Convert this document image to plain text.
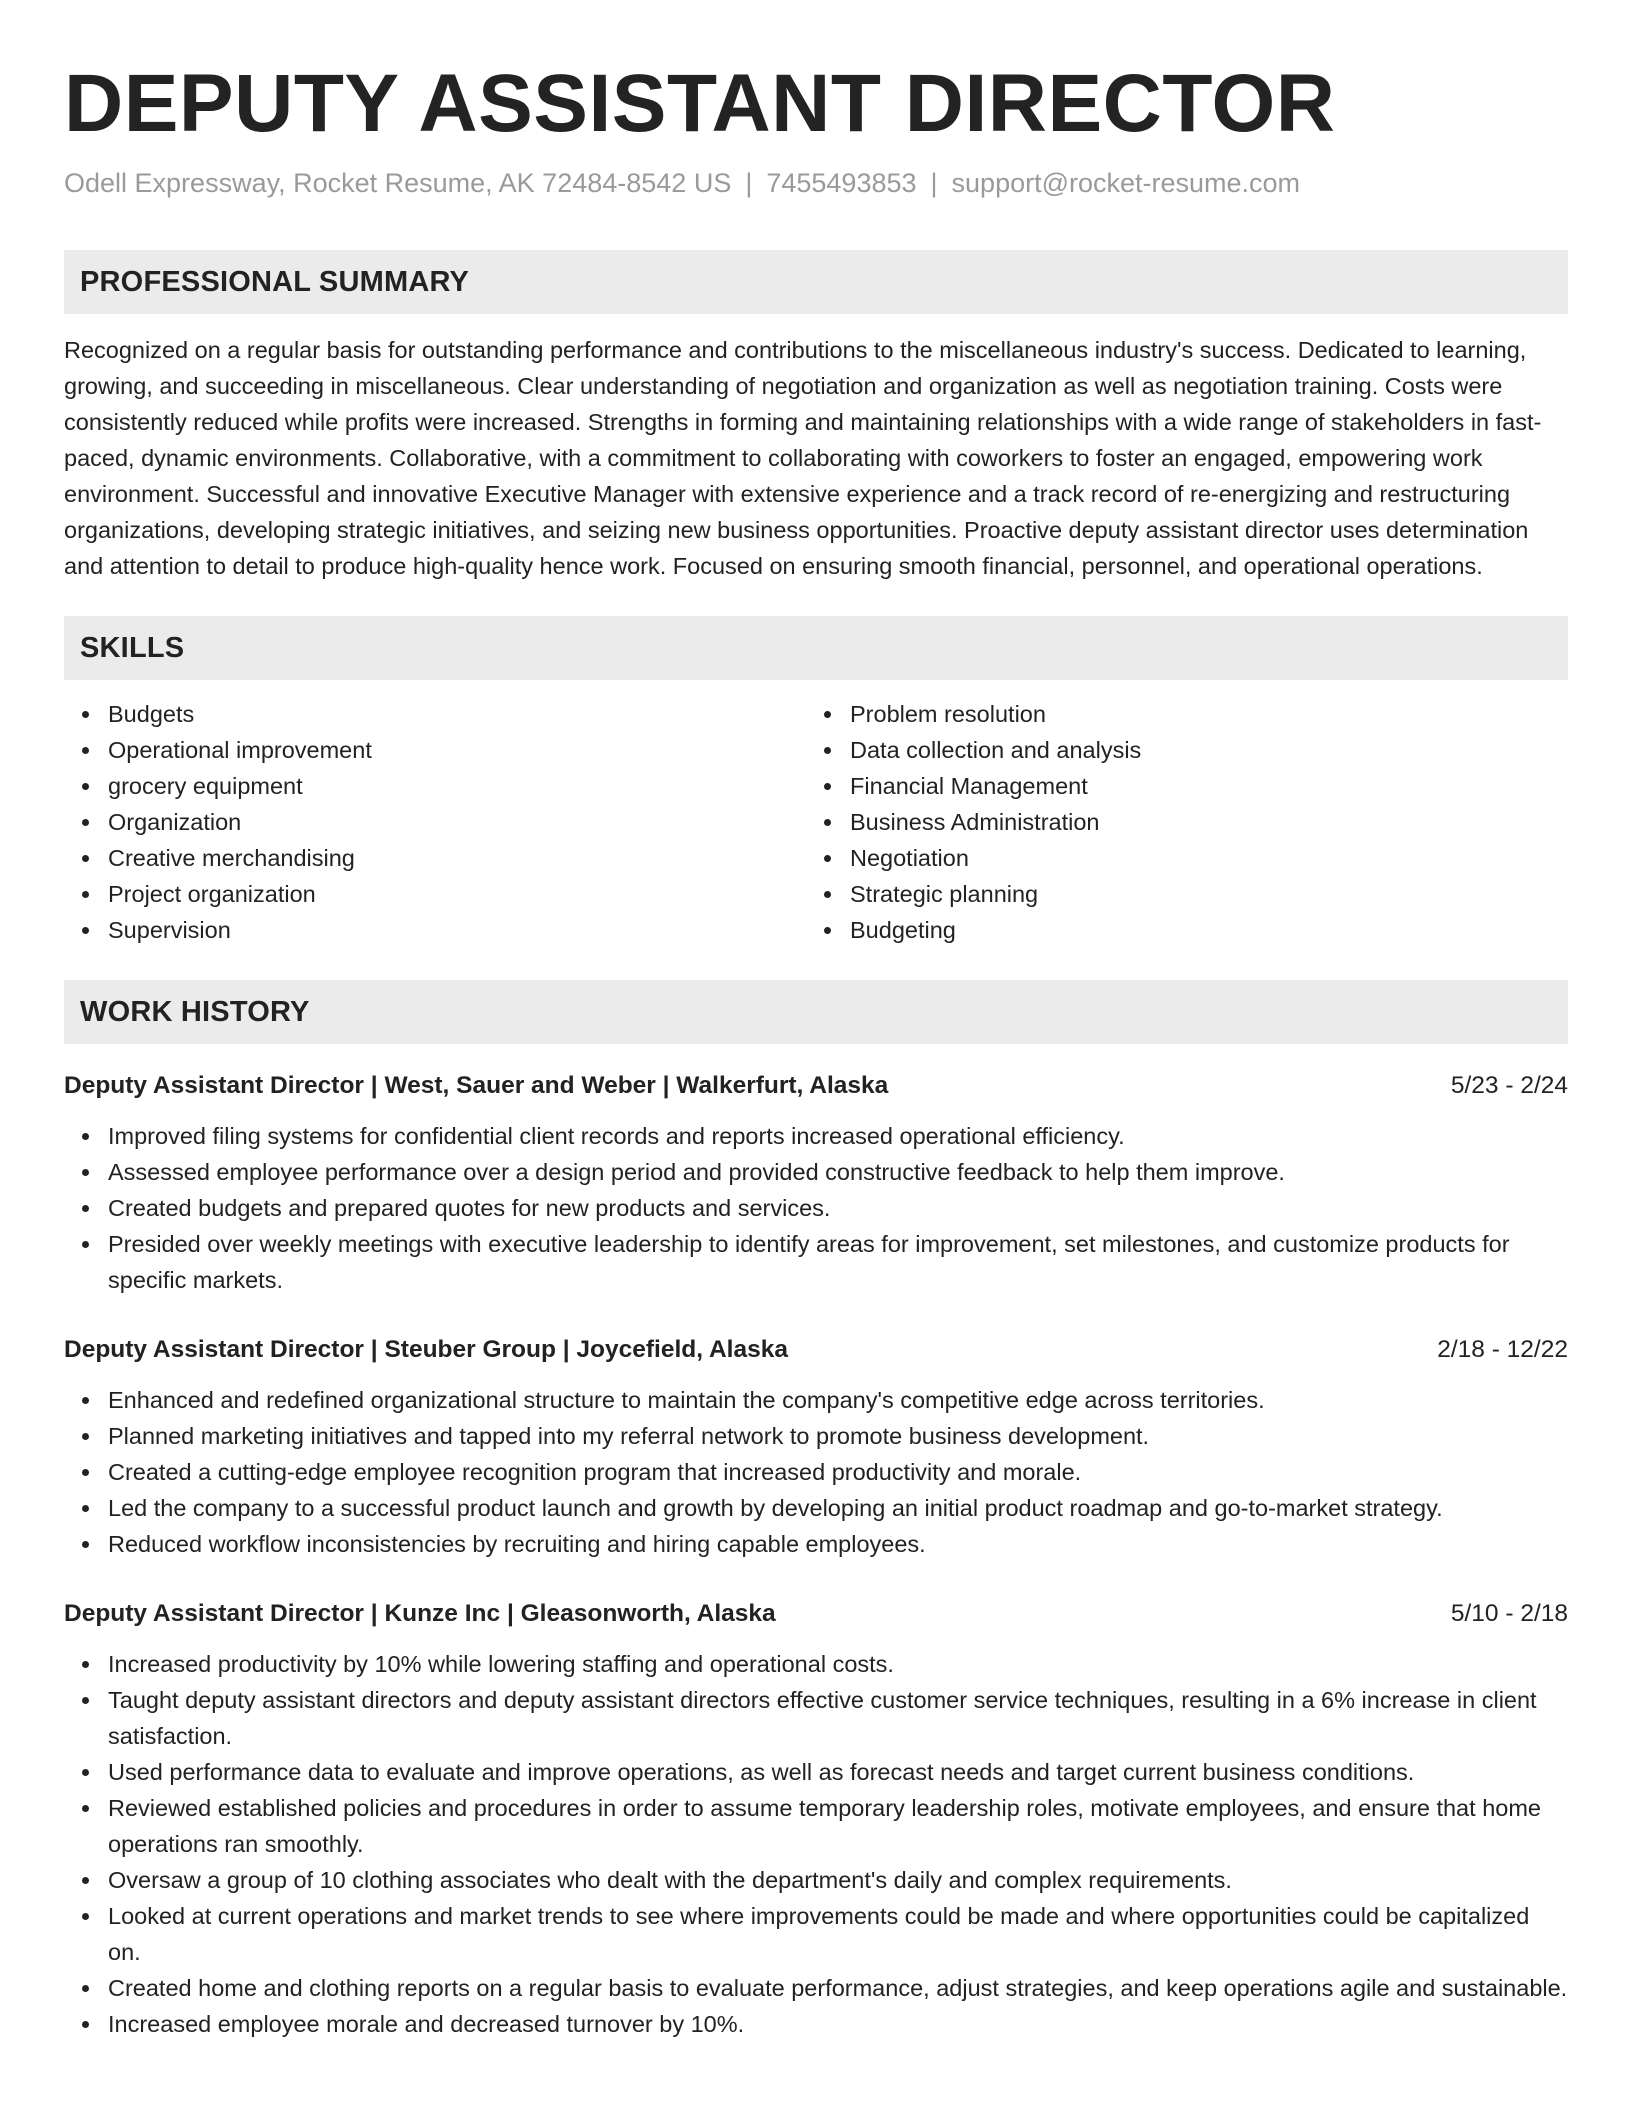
DEPUTY ASSISTANT DIRECTOR
Odell Expressway, Rocket Resume, AK 72484-8542 US | 7455493853 | support@rocket-resume.com
PROFESSIONAL SUMMARY

Recognized on a regular basis for outstanding performance and contributions to the miscellaneous industry's success. Dedicated to learning, growing, and succeeding in miscellaneous. Clear understanding of negotiation and organization as well as negotiation training. Costs were consistently reduced while profits were increased. Strengths in forming and maintaining relationships with a wide range of stakeholders in fast-paced, dynamic environments. Collaborative, with a commitment to collaborating with coworkers to foster an engaged, empowering work environment. Successful and innovative Executive Manager with extensive experience and a track record of re-energizing and restructuring organizations, developing strategic initiatives, and seizing new business opportunities. Proactive deputy assistant director uses determination and attention to detail to produce high-quality hence work. Focused on ensuring smooth financial, personnel, and operational operations.

SKILLS
Budgets
Operational improvement
grocery equipment
Organization
Creative merchandising
Project organization
Supervision
Problem resolution
Data collection and analysis
Financial Management
Business Administration
Negotiation
Strategic planning
Budgeting
WORK HISTORY
Deputy Assistant Director | West, Sauer and Weber | Walkerfurt, Alaska	5/23 - 2/24
Improved filing systems for confidential client records and reports increased operational efficiency.
Assessed employee performance over a design period and provided constructive feedback to help them improve.
Created budgets and prepared quotes for new products and services.
Presided over weekly meetings with executive leadership to identify areas for improvement, set milestones, and customize products for specific markets.
Deputy Assistant Director | Steuber Group | Joycefield, Alaska	2/18 - 12/22
Enhanced and redefined organizational structure to maintain the company's competitive edge across territories.
Planned marketing initiatives and tapped into my referral network to promote business development.
Created a cutting-edge employee recognition program that increased productivity and morale.
Led the company to a successful product launch and growth by developing an initial product roadmap and go-to-market strategy.
Reduced workflow inconsistencies by recruiting and hiring capable employees.
Deputy Assistant Director | Kunze Inc | Gleasonworth, Alaska	5/10 - 2/18
Increased productivity by 10% while lowering staffing and operational costs.
Taught deputy assistant directors and deputy assistant directors effective customer service techniques, resulting in a 6% increase in client satisfaction.
Used performance data to evaluate and improve operations, as well as forecast needs and target current business conditions.
Reviewed established policies and procedures in order to assume temporary leadership roles, motivate employees, and ensure that home operations ran smoothly.
Oversaw a group of 10 clothing associates who dealt with the department's daily and complex requirements.
Looked at current operations and market trends to see where improvements could be made and where opportunities could be capitalized on.
Created home and clothing reports on a regular basis to evaluate performance, adjust strategies, and keep operations agile and sustainable.
Increased employee morale and decreased turnover by 10%.
